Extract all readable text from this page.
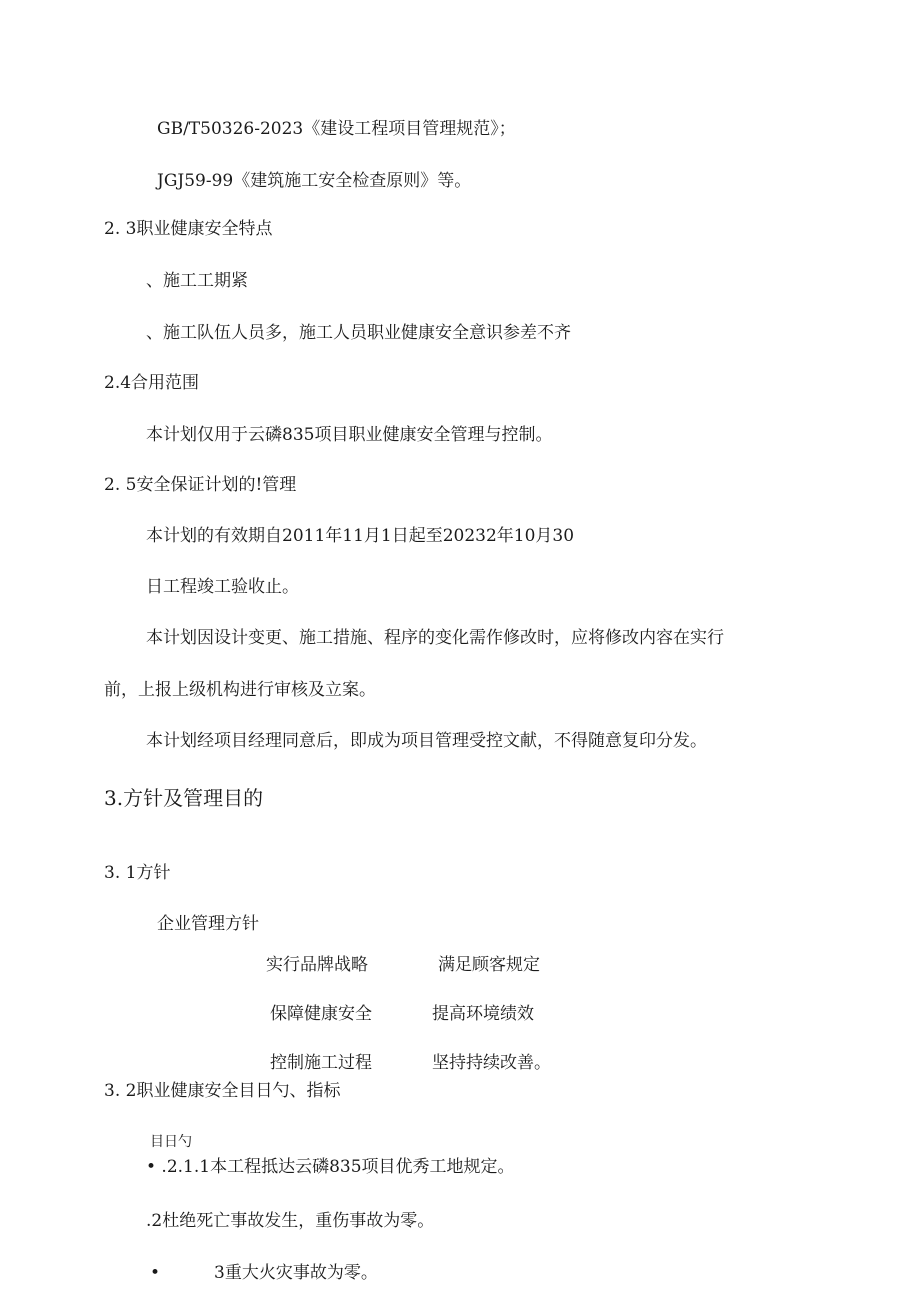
GB/T50326-2023《建设工程项目管理规范》；
JGJ59-99《建筑施工安全检查原则》等。
2. 3职业健康安全特点
、施工工期紧
、施工队伍人员多，施工人员职业健康安全意识参差不齐
2.4合用范围
本计划仅用于云磷835项目职业健康安全管理与控制。
2. 5安全保证计划的!管理
本计划的有效期自2011年11月1日起至20232年10月30
日工程竣工验收止。
本计划因设计变更、施工措施、程序的变化需作修改时，应将修改内容在实行
前，上报上级机构进行审核及立案。
本计划经项目经理同意后，即成为项目管理受控文献，不得随意复印分发。
3.方针及管理目的
3. 1方针
企业管理方针
实行品牌战略	满足顾客规定
保障健康安全	提高环境绩效
控制施工过程	坚持持续改善。
3. 2职业健康安全目日勺、指标
目日勺
• .2.1.1本工程抵达云磷835项目优秀工地规定。
.2杜绝死亡事故发生，重伤事故为零。
•	3重大火灾事故为零。
